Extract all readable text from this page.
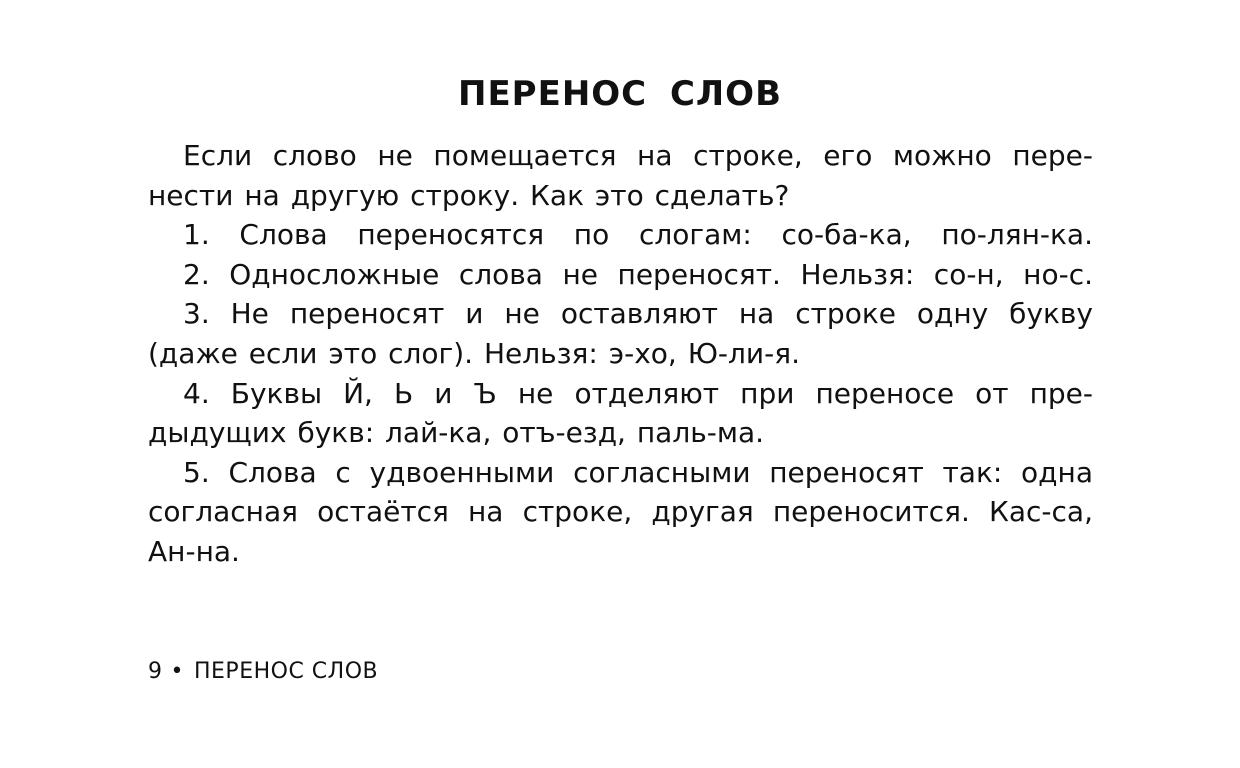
ПЕРЕНОС СЛОВ
Если слово не помещается на строке, его можно пере-
нести на другую строку. Как это сделать?
1. Слова переносятся по слогам: со-ба-ка, по-лян-ка.
2. Односложные слова не переносят. Нельзя: со-н, но-с.
3. Не переносят и не оставляют на строке одну букву
(даже если это слог). Нельзя: э-хо, Ю-ли-я.
4. Буквы Й, Ь и Ъ не отделяют при переносе от пре-
дыдущих букв: лай-ка, отъ-езд, паль-ма.
5. Слова с удвоенными согласными переносят так: одна
согласная остаётся на строке, другая переносится. Кас-са,
Ан-на.
9 • ПЕРЕНОС СЛОВ
